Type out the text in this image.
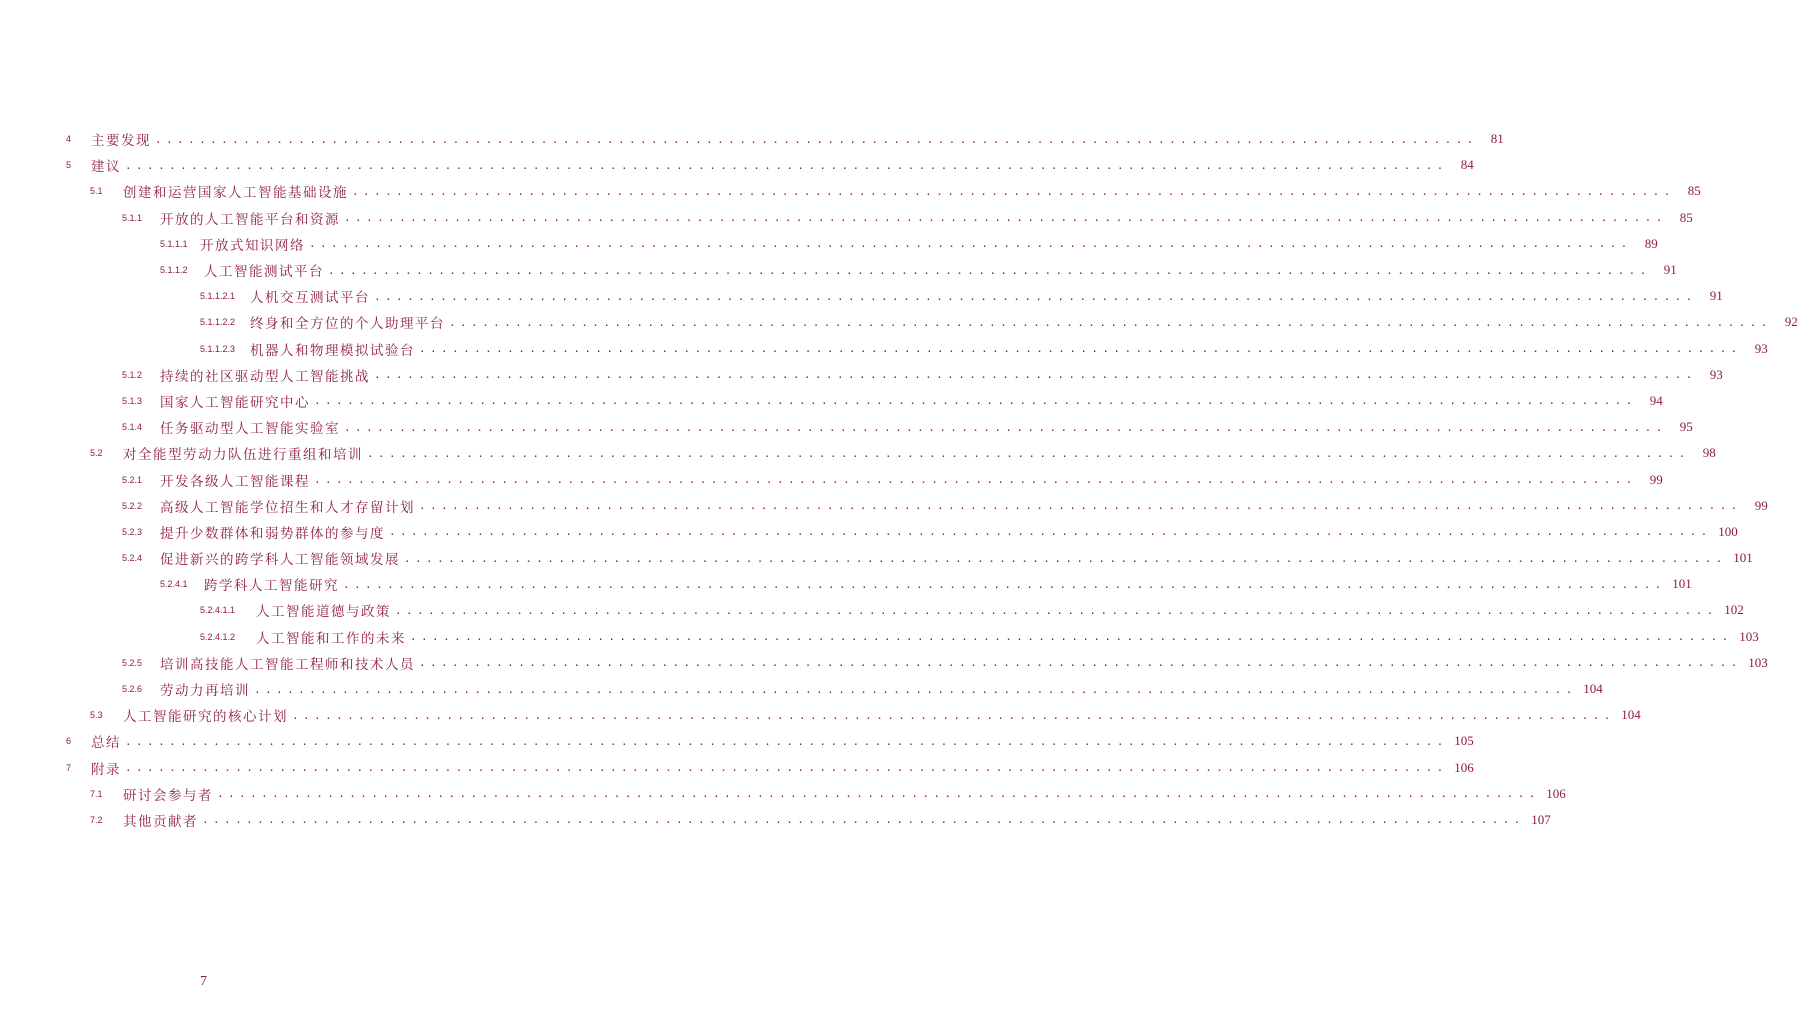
4	主要发现 ........................................................................................................................	81
5	建议 ........................................................................................................................	84
5.1	创建和运营国家人工智能基础设施 ........................................................................................................................	85
5.1.1	开放的人工智能平台和资源 ........................................................................................................................	85
5.1.1.1 开放式知识网络 ........................................................................................................................	89
5.1.1.2	人工智能测试平台 ........................................................................................................................	91
5.1.1.2.1	人机交互测试平台 ........................................................................................................................	91
5.1.1.2.2	终身和全方位的个人助理平台 ........................................................................................................................	92
5.1.1.2.3	机器人和物理模拟试验台 ........................................................................................................................	93
5.1.2	持续的社区驱动型人工智能挑战 ........................................................................................................................	93
5.1.3	国家人工智能研究中心 ........................................................................................................................	94
5.1.4	任务驱动型人工智能实验室 ........................................................................................................................	95
5.2	对全能型劳动力队伍进行重组和培训 ........................................................................................................................	98
5.2.1	开发各级人工智能课程 ........................................................................................................................	99
5.2.2	高级人工智能学位招生和人才存留计划 ........................................................................................................................	99
5.2.3	提升少数群体和弱势群体的参与度 ........................................................................................................................ 100
5.2.4	促进新兴的跨学科人工智能领域发展 ........................................................................................................................ 101
5.2.4.1	跨学科人工智能研究 ........................................................................................................................ 101
5.2.4.1.1	人工智能道德与政策 ........................................................................................................................ 102
5.2.4.1.2	人工智能和工作的未来 ........................................................................................................................ 103
5.2.5	培训高技能人工智能工程师和技术人员 ........................................................................................................................ 103
5.2.6	劳动力再培训 ........................................................................................................................ 104
5.3	人工智能研究的核心计划 ........................................................................................................................ 104
6	总结 ........................................................................................................................ 105
7	附录 ........................................................................................................................ 106
7.1	研讨会参与者 ........................................................................................................................ 106
7.2	其他贡献者 ........................................................................................................................ 107
7
